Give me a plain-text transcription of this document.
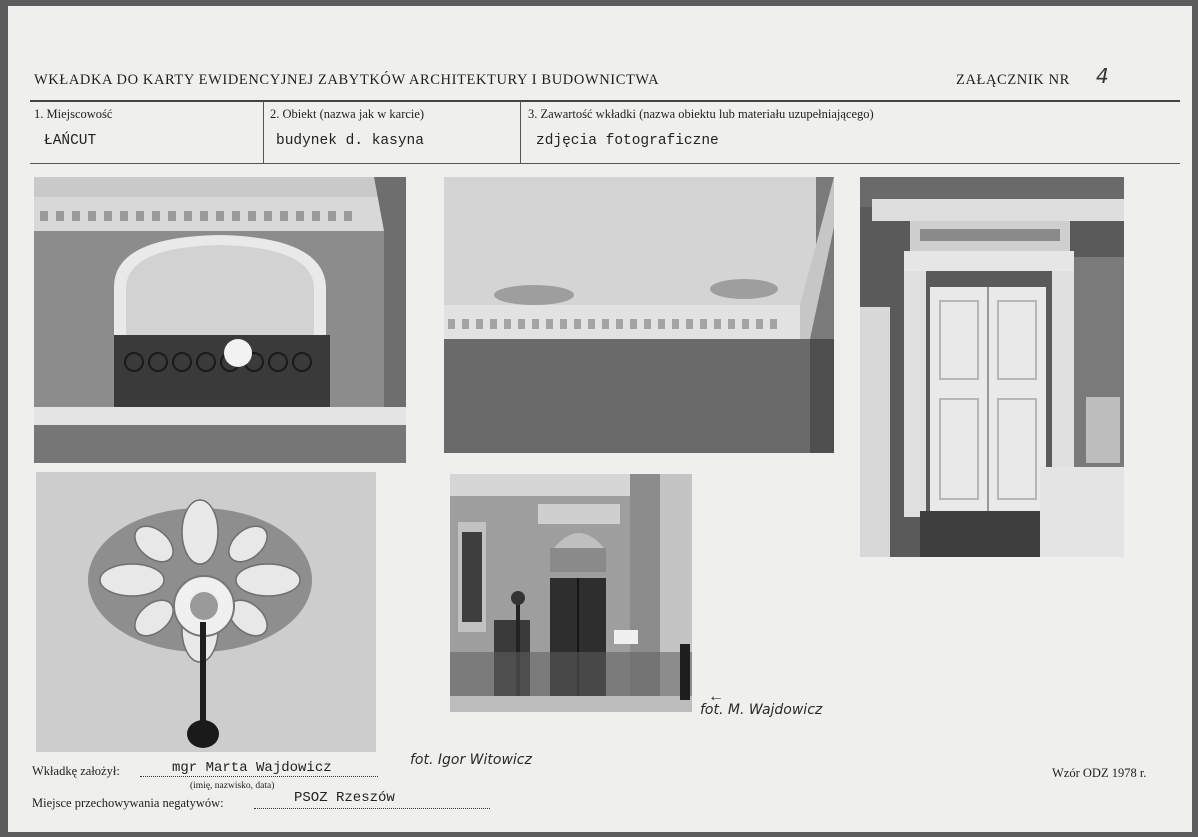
WKŁADKA DO KARTY EWIDENCYJNEJ ZABYTKÓW ARCHITEKTURY I BUDOWNICTWA	ZAŁĄCZNIK NR 4
1. Miejscowość
ŁAŃCUT
2. Obiekt (nazwa jak w karcie)
budynek d. kasyna
3. Zawartość wkładki (nazwa obiektu lub materiału uzupełniającego)
zdjęcia fotograficzne
←
fot. M. Wajdowicz
Wkładkę założył:	mgr Marta Wajdowicz	fot. Igor Witowicz
(imię, nazwisko, data)
Miejsce przechowywania negatywów:	PSOZ Rzeszów
Wzór ODZ 1978 r.
